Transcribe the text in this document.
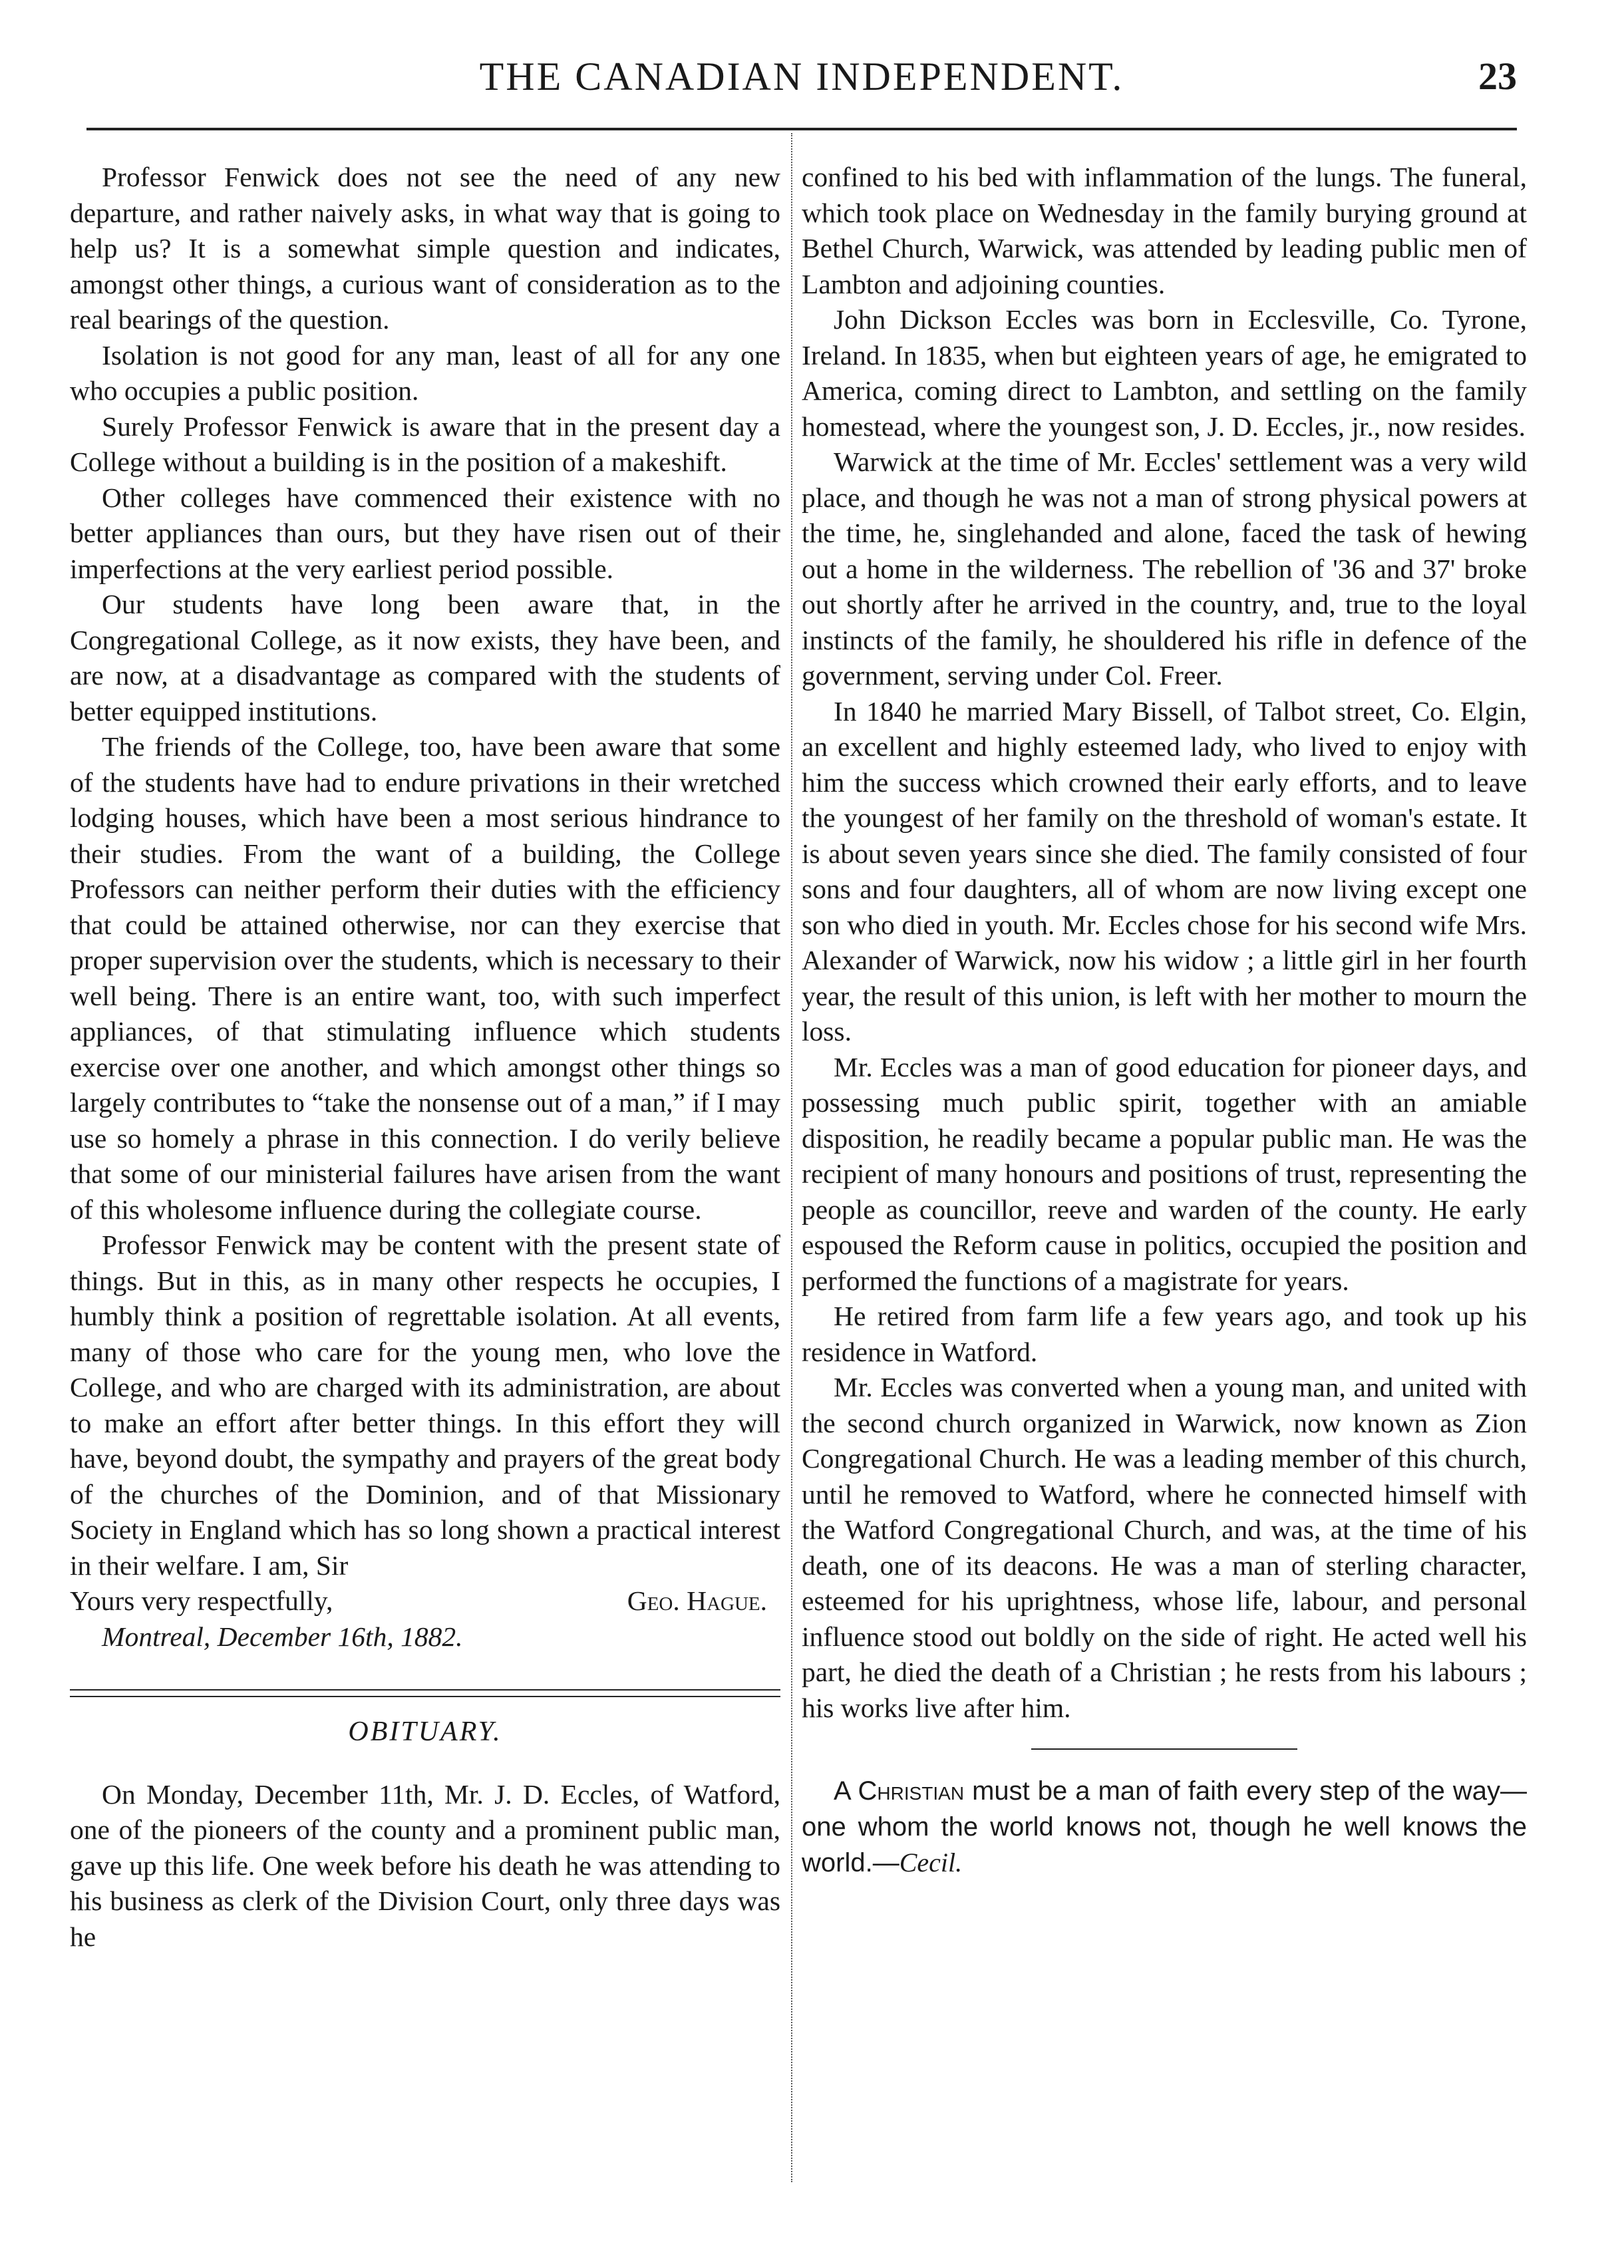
THE CANADIAN INDEPENDENT.	23

Professor Fenwick does not see the need of any new departure, and rather naively asks, in what way that is going to help us? It is a somewhat simple question and indicates, amongst other things, a curious want of consideration as to the real bearings of the question.

Isolation is not good for any man, least of all for any one who occupies a public position.

Surely Professor Fenwick is aware that in the present day a College without a building is in the position of a makeshift.

Other colleges have commenced their existence with no better appliances than ours, but they have risen out of their imperfections at the very earliest period possible.

Our students have long been aware that, in the Congregational College, as it now exists, they have been, and are now, at a disadvantage as compared with the students of better equipped institutions.

The friends of the College, too, have been aware that some of the students have had to endure privations in their wretched lodging houses, which have been a most serious hindrance to their studies. From the want of a building, the College Professors can neither perform their duties with the efficiency that could be attained otherwise, nor can they exercise that proper supervision over the students, which is necessary to their well being. There is an entire want, too, with such imperfect appliances, of that stimulating influence which students exercise over one another, and which amongst other things so largely contributes to “take the nonsense out of a man,” if I may use so homely a phrase in this connection. I do verily believe that some of our ministerial failures have arisen from the want of this wholesome influence during the collegiate course.

Professor Fenwick may be content with the present state of things. But in this, as in many other respects he occupies, I humbly think a position of regrettable isolation. At all events, many of those who care for the young men, who love the College, and who are charged with its administration, are about to make an effort after better things. In this effort they will have, beyond doubt, the sympathy and prayers of the great body of the churches of the Dominion, and of that Missionary Society in England which has so long shown a practical interest in their welfare. I am, Sir

Yours very respectfully,	Geo. Hague.

Montreal, December 16th, 1882.

OBITUARY.

On Monday, December 11th, Mr. J. D. Eccles, of Watford, one of the pioneers of the county and a prominent public man, gave up this life. One week before his death he was attending to his business as clerk of the Division Court, only three days was he

confined to his bed with inflammation of the lungs. The funeral, which took place on Wednesday in the family burying ground at Bethel Church, Warwick, was attended by leading public men of Lambton and adjoining counties.

John Dickson Eccles was born in Ecclesville, Co. Tyrone, Ireland. In 1835, when but eighteen years of age, he emigrated to America, coming direct to Lambton, and settling on the family homestead, where the youngest son, J. D. Eccles, jr., now resides.

Warwick at the time of Mr. Eccles' settlement was a very wild place, and though he was not a man of strong physical powers at the time, he, singlehanded and alone, faced the task of hewing out a home in the wilderness. The rebellion of '36 and 37' broke out shortly after he arrived in the country, and, true to the loyal instincts of the family, he shouldered his rifle in defence of the government, serving under Col. Freer.

In 1840 he married Mary Bissell, of Talbot street, Co. Elgin, an excellent and highly esteemed lady, who lived to enjoy with him the success which crowned their early efforts, and to leave the youngest of her family on the threshold of woman's estate. It is about seven years since she died. The family consisted of four sons and four daughters, all of whom are now living except one son who died in youth. Mr. Eccles chose for his second wife Mrs. Alexander of Warwick, now his widow ; a little girl in her fourth year, the result of this union, is left with her mother to mourn the loss.

Mr. Eccles was a man of good education for pioneer days, and possessing much public spirit, together with an amiable disposition, he readily became a popular public man. He was the recipient of many honours and positions of trust, representing the people as councillor, reeve and warden of the county. He early espoused the Reform cause in politics, occupied the position and performed the functions of a magistrate for years.

He retired from farm life a few years ago, and took up his residence in Watford.

Mr. Eccles was converted when a young man, and united with the second church organized in Warwick, now known as Zion Congregational Church. He was a leading member of this church, until he removed to Watford, where he connected himself with the Watford Congregational Church, and was, at the time of his death, one of its deacons. He was a man of sterling character, esteemed for his uprightness, whose life, labour, and personal influence stood out boldly on the side of right. He acted well his part, he died the death of a Christian ; he rests from his labours ; his works live after him.

A Christian must be a man of faith every step of the way—one whom the world knows not, though he well knows the world.—Cecil.
